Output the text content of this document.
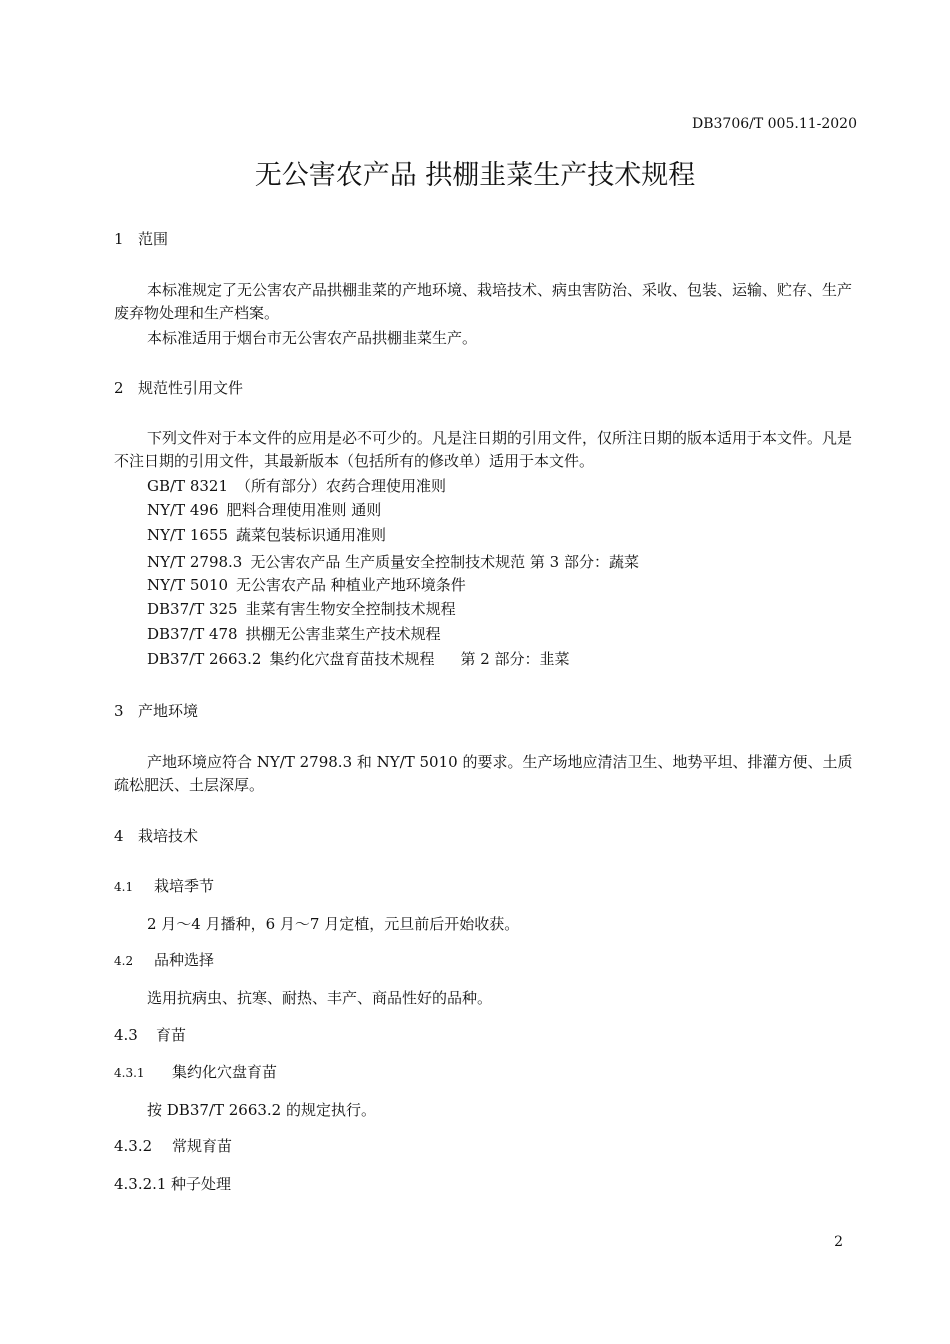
DB3706/T 005.11-2020
无公害农产品 拱棚韭菜生产技术规程
1 范围
本标准规定了无公害农产品拱棚韭菜的产地环境、栽培技术、病虫害防治、采收、包装、运输、贮存、生产废弃物处理和生产档案。
本标准适用于烟台市无公害农产品拱棚韭菜生产。
2 规范性引用文件
下列文件对于本文件的应用是必不可少的。凡是注日期的引用文件，仅所注日期的版本适用于本文件。凡是不注日期的引用文件，其最新版本（包括所有的修改单）适用于本文件。
GB/T 8321 （所有部分）农药合理使用准则
NY/T 496 肥料合理使用准则 通则
NY/T 1655 蔬菜包装标识通用准则
NY/T 2798.3 无公害农产品 生产质量安全控制技术规范 第 3 部分：蔬菜
NY/T 5010 无公害农产品 种植业产地环境条件
DB37/T 325 韭菜有害生物安全控制技术规程
DB37/T 478 拱棚无公害韭菜生产技术规程
DB37/T 2663.2 集约化穴盘育苗技术规程 第 2 部分：韭菜
3 产地环境
产地环境应符合 NY/T 2798.3 和 NY/T 5010 的要求。生产场地应清洁卫生、地势平坦、排灌方便、土质疏松肥沃、土层深厚。
4 栽培技术
4.1 栽培季节
2 月～4 月播种，6 月～7 月定植，元旦前后开始收获。
4.2 品种选择
选用抗病虫、抗寒、耐热、丰产、商品性好的品种。
4.3 育苗
4.3.1 集约化穴盘育苗
按 DB37/T 2663.2 的规定执行。
4.3.2 常规育苗
4.3.2.1 种子处理
2
